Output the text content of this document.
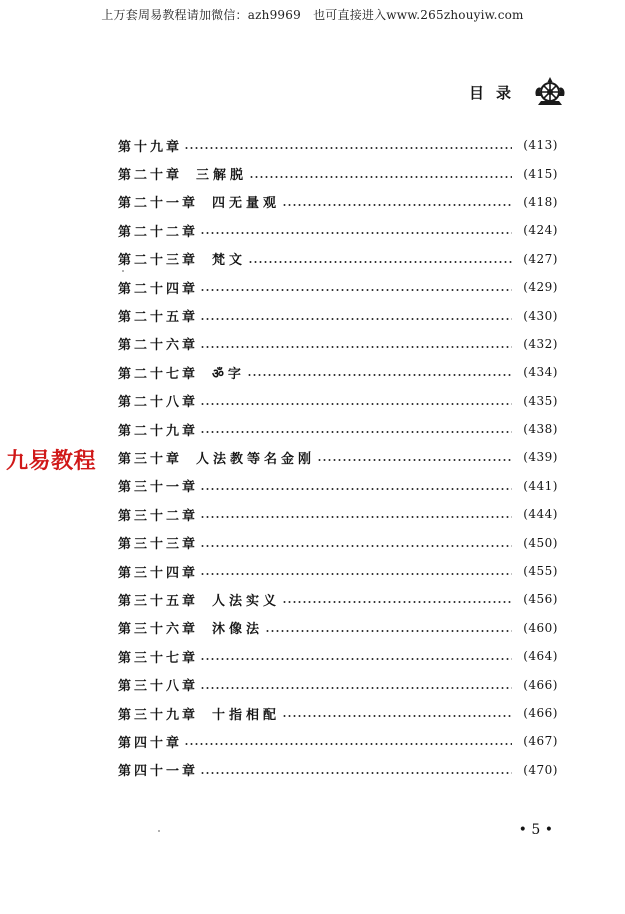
上万套周易教程请加微信：azh9969　也可直接进入www.265zhouyiw.com
目录
第十九章	(413)
第二十章 三解脱	(415)
第二十一章 四无量观	(418)
第二十二章	(424)
第二十三章 梵文	(427)
第二十四章	(429)
第二十五章	(430)
第二十六章	(432)
第二十七章 ॐ字	(434)
第二十八章	(435)
第二十九章	(438)
第三十章 人法教等名金刚	(439)
第三十一章	(441)
第三十二章	(444)
第三十三章	(450)
第三十四章	(455)
第三十五章 人法实义	(456)
第三十六章 沐像法	(460)
第三十七章	(464)
第三十八章	(466)
第三十九章 十指相配	(466)
第四十章	(467)
第四十一章	(470)
九易教程
• 5 •
